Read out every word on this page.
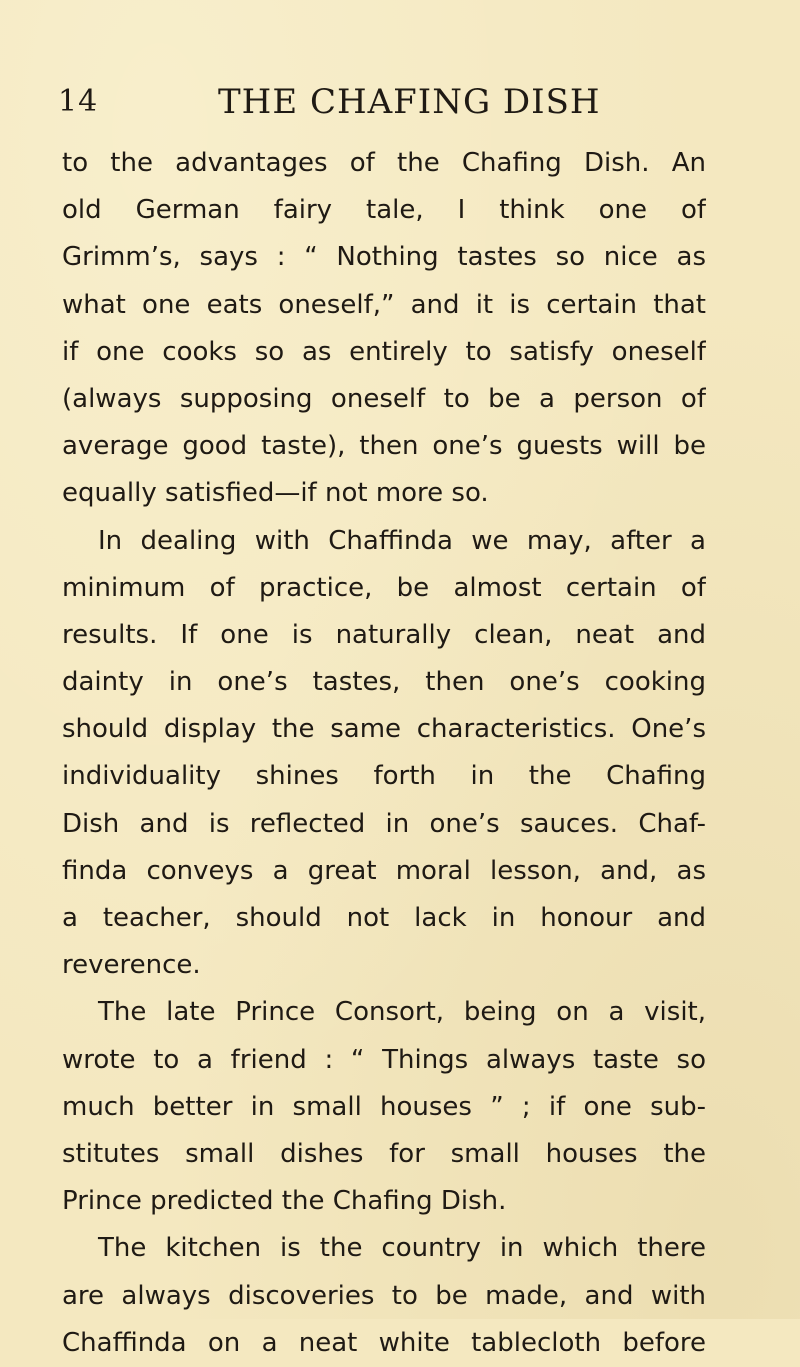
14	THE CHAFING DISH
to the advantages of the Chafing Dish. An
old German fairy tale, I think one of
Grimm’s, says : “ Nothing tastes so nice as
what one eats oneself,” and it is certain that
if one cooks so as entirely to satisfy oneself
(always supposing oneself to be a person of
average good taste), then one’s guests will be
equally satisfied—if not more so.
In dealing with Chaffinda we may, after a
minimum of practice, be almost certain of
results. If one is naturally clean, neat and
dainty in one’s tastes, then one’s cooking
should display the same characteristics. One’s
individuality shines forth in the Chafing
Dish and is reflected in one’s sauces. Chaf-
finda conveys a great moral lesson, and, as
a teacher, should not lack in honour and
reverence.
The late Prince Consort, being on a visit,
wrote to a friend : “ Things always taste so
much better in small houses ” ; if one sub-
stitutes small dishes for small houses the
Prince predicted the Chafing Dish.
The kitchen is the country in which there
are always discoveries to be made, and with
Chaffinda on a neat white tablecloth before
